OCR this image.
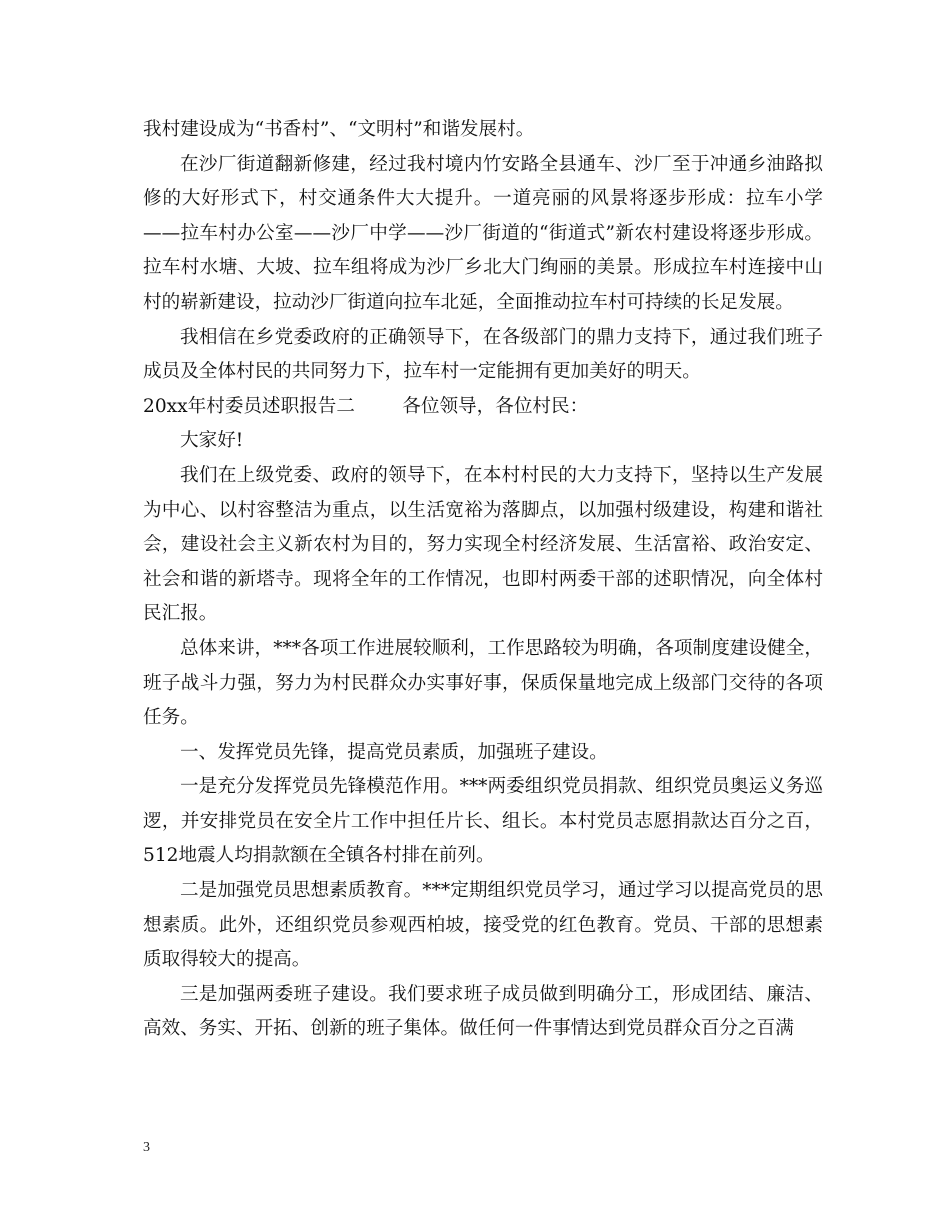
我村建设成为“书香村”、“文明村”和谐发展村。

在沙厂街道翻新修建，经过我村境内竹安路全县通车、沙厂至于冲通乡油路拟修的大好形式下，村交通条件大大提升。一道亮丽的风景将逐步形成：拉车小学——拉车村办公室——沙厂中学——沙厂街道的“街道式”新农村建设将逐步形成。拉车村水塘、大坡、拉车组将成为沙厂乡北大门绚丽的美景。形成拉车村连接中山村的崭新建设，拉动沙厂街道向拉车北延，全面推动拉车村可持续的长足发展。

我相信在乡党委政府的正确领导下，在各级部门的鼎力支持下，通过我们班子成员及全体村民的共同努力下，拉车村一定能拥有更加美好的明天。

20xx年村委员述职报告二        各位领导，各位村民：

大家好!

我们在上级党委、政府的领导下，在本村村民的大力支持下，坚持以生产发展为中心、以村容整洁为重点，以生活宽裕为落脚点，以加强村级建设，构建和谐社会，建设社会主义新农村为目的，努力实现全村经济发展、生活富裕、政治安定、社会和谐的新塔寺。现将全年的工作情况，也即村两委干部的述职情况，向全体村民汇报。

总体来讲，***各项工作进展较顺利，工作思路较为明确，各项制度建设健全，班子战斗力强，努力为村民群众办实事好事，保质保量地完成上级部门交待的各项任务。

一、发挥党员先锋，提高党员素质，加强班子建设。

一是充分发挥党员先锋模范作用。***两委组织党员捐款、组织党员奥运义务巡逻，并安排党员在安全片工作中担任片长、组长。本村党员志愿捐款达百分之百，512地震人均捐款额在全镇各村排在前列。

二是加强党员思想素质教育。***定期组织党员学习，通过学习以提高党员的思想素质。此外，还组织党员参观西柏坡，接受党的红色教育。党员、干部的思想素质取得较大的提高。

三是加强两委班子建设。我们要求班子成员做到明确分工，形成团结、廉洁、高效、务实、开拓、创新的班子集体。做任何一件事情达到党员群众百分之百满

3
